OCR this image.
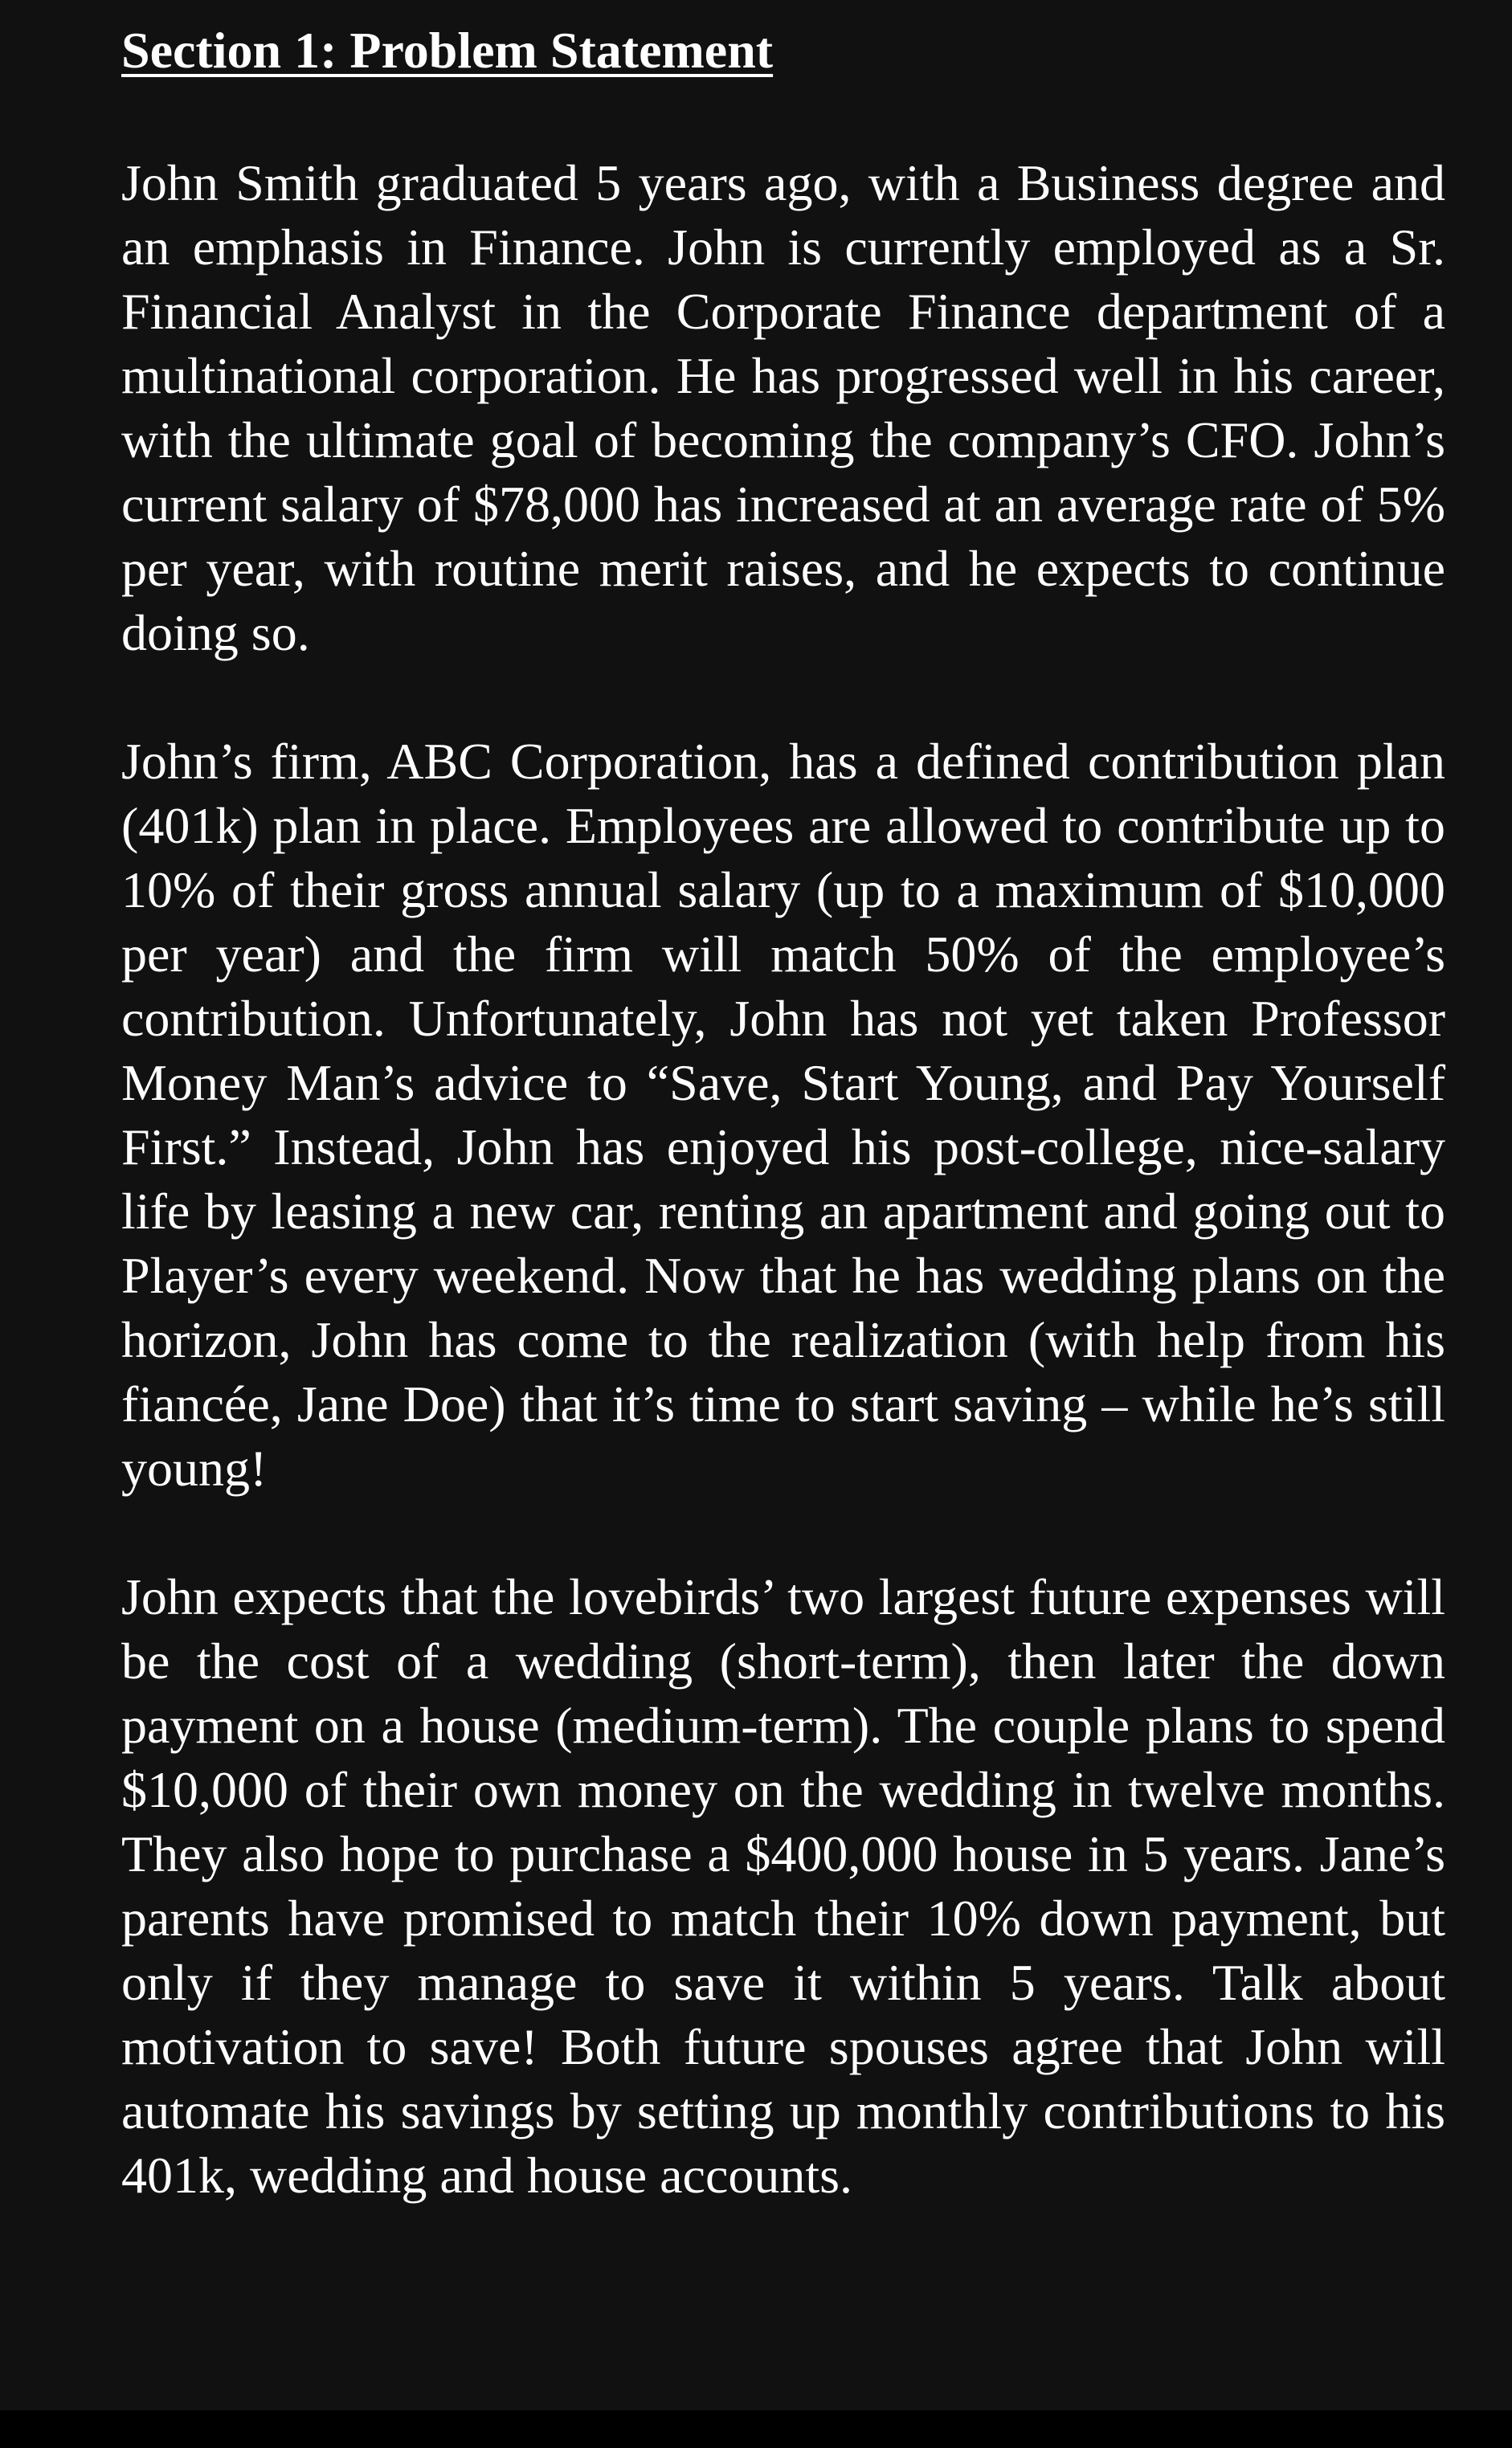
Section 1: Problem Statement

John Smith graduated 5 years ago, with a Business degree and an emphasis in Finance. John is currently employed as a Sr. Financial Analyst in the Corporate Finance department of a multinational corporation. He has progressed well in his career, with the ultimate goal of becoming the company’s CFO. John’s current salary of $78,000 has increased at an average rate of 5% per year, with routine merit raises, and he expects to continue doing so.

John’s firm, ABC Corporation, has a defined contribution plan (401k) plan in place. Employees are allowed to contribute up to 10% of their gross annual salary (up to a maximum of $10,000 per year) and the firm will match 50% of the employee’s contribution. Unfortunately, John has not yet taken Professor Money Man’s advice to “Save, Start Young, and Pay Yourself First.” Instead, John has enjoyed his post-college, nice-salary life by leasing a new car, renting an apartment and going out to Player’s every weekend. Now that he has wedding plans on the horizon, John has come to the realization (with help from his fiancée, Jane Doe) that it’s time to start saving – while he’s still young!

John expects that the lovebirds’ two largest future expenses will be the cost of a wedding (short-term), then later the down payment on a house (medium-term). The couple plans to spend $10,000 of their own money on the wedding in twelve months. They also hope to purchase a $400,000 house in 5 years. Jane’s parents have promised to match their 10% down payment, but only if they manage to save it within 5 years. Talk about motivation to save! Both future spouses agree that John will automate his savings by setting up monthly contributions to his 401k, wedding and house accounts.
